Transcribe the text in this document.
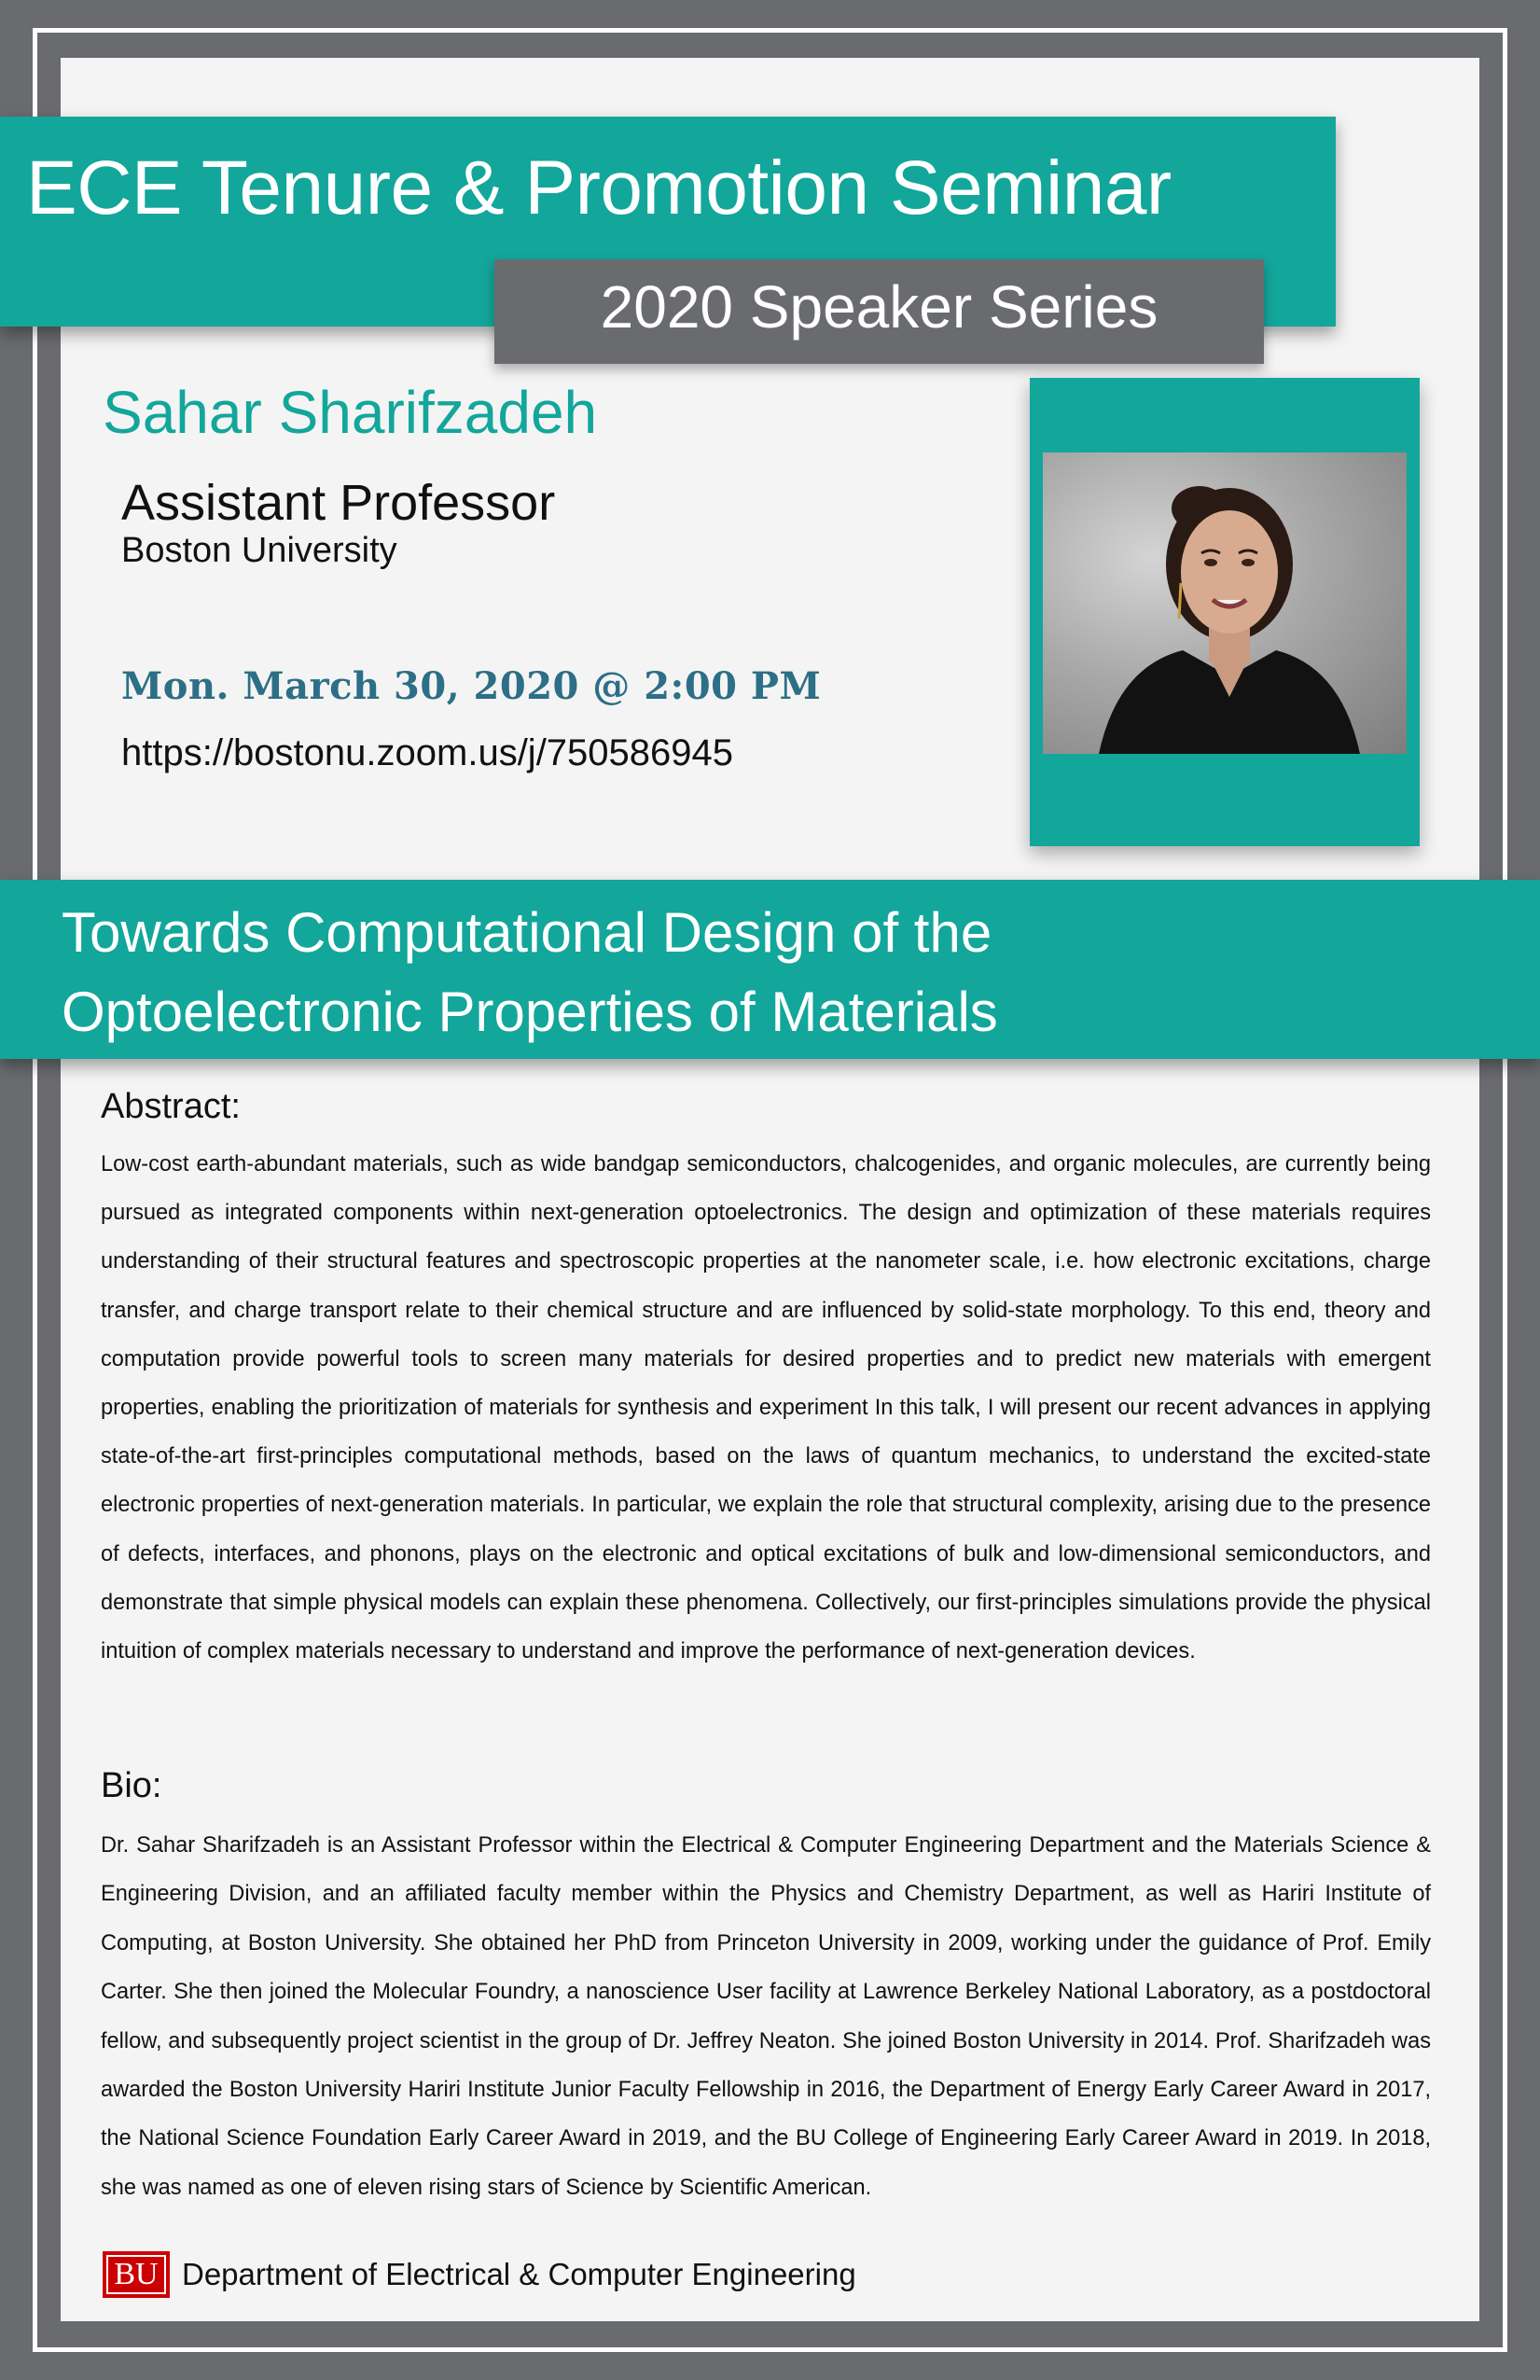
ECE Tenure & Promotion Seminar
2020 Speaker Series
Sahar Sharifzadeh
Assistant Professor
Boston University
Mon. March 30, 2020 @ 2:00 PM
https://bostonu.zoom.us/j/750586945
Towards Computational Design of the
Optoelectronic Properties of Materials
Abstract:

Low-cost earth-abundant materials, such as wide bandgap semiconductors, chalcogenides, and organic molecules, are currently being pursued as integrated components within next-generation optoelectronics. The design and optimization of these materials requires understanding of their structural features and spectroscopic properties at the nanometer scale, i.e. how electronic excitations, charge transfer, and charge transport relate to their chemical structure and are influenced by solid-state morphology. To this end, theory and computation provide powerful tools to screen many materials for desired properties and to predict new materials with emergent properties, enabling the prioritization of materials for synthesis and experiment In this talk, I will present our recent advances in applying state-of-the-art first-principles computational methods, based on the laws of quantum mechanics, to understand the excited-state electronic properties of next-generation materials. In particular, we explain the role that structural complexity, arising due to the presence of defects, interfaces, and phonons, plays on the electronic and optical excitations of bulk and low-dimensional semiconductors, and demonstrate that simple physical models can explain these phenomena. Collectively, our first-principles simulations provide the physical intuition of complex materials necessary to understand and improve the performance of next-generation devices.

Bio:

Dr. Sahar Sharifzadeh is an Assistant Professor within the Electrical & Computer Engineering Department and the Materials Science & Engineering Division, and an affiliated faculty member within the Physics and Chemistry Department, as well as Hariri Institute of Computing, at Boston University. She obtained her PhD from Princeton University in 2009, working under the guidance of Prof. Emily Carter. She then joined the Molecular Foundry, a nanoscience User facility at Lawrence Berkeley National Laboratory, as a postdoctoral fellow, and subsequently project scientist in the group of Dr. Jeffrey Neaton. She joined Boston University in 2014. Prof. Sharifzadeh was awarded the Boston University Hariri Institute Junior Faculty Fellowship in 2016, the Department of Energy Early Career Award in 2017, the National Science Foundation Early Career Award in 2019, and the BU College of Engineering Early Career Award in 2019. In 2018, she was named as one of eleven rising stars of Science by Scientific American.

BU Department of Electrical & Computer Engineering
